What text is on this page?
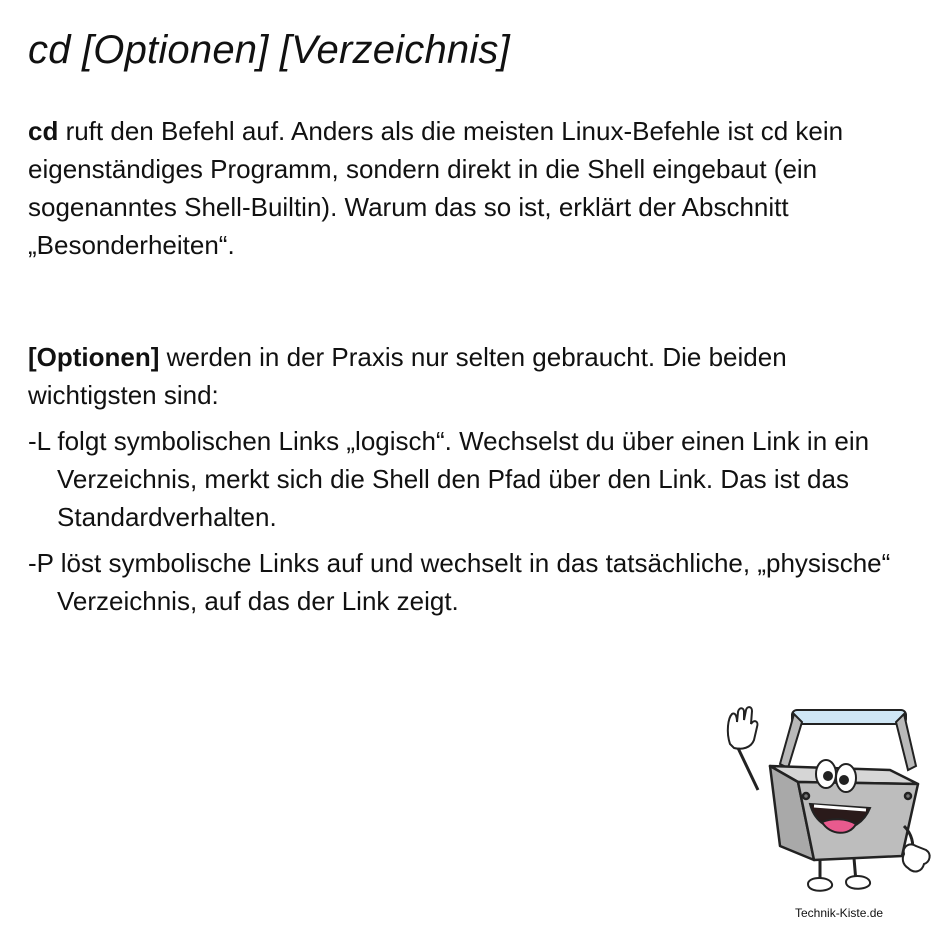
cd [Optionen] [Verzeichnis]

cd ruft den Befehl auf. Anders als die meisten Linux-Befehle ist cd kein eigenständiges Programm, sondern direkt in die Shell eingebaut (ein sogenanntes Shell-Builtin). Warum das so ist, erklärt der Abschnitt „Besonderheiten“.

[Optionen] werden in der Praxis nur selten gebraucht. Die beiden wichtigsten sind:

-L folgt symbolischen Links „logisch“. Wechselst du über einen Link in ein Verzeichnis, merkt sich die Shell den Pfad über den Link. Das ist das Standardverhalten.

-P löst symbolische Links auf und wechselt in das tatsächliche, „physische“ Verzeichnis, auf das der Link zeigt.

Technik-Kiste.de
